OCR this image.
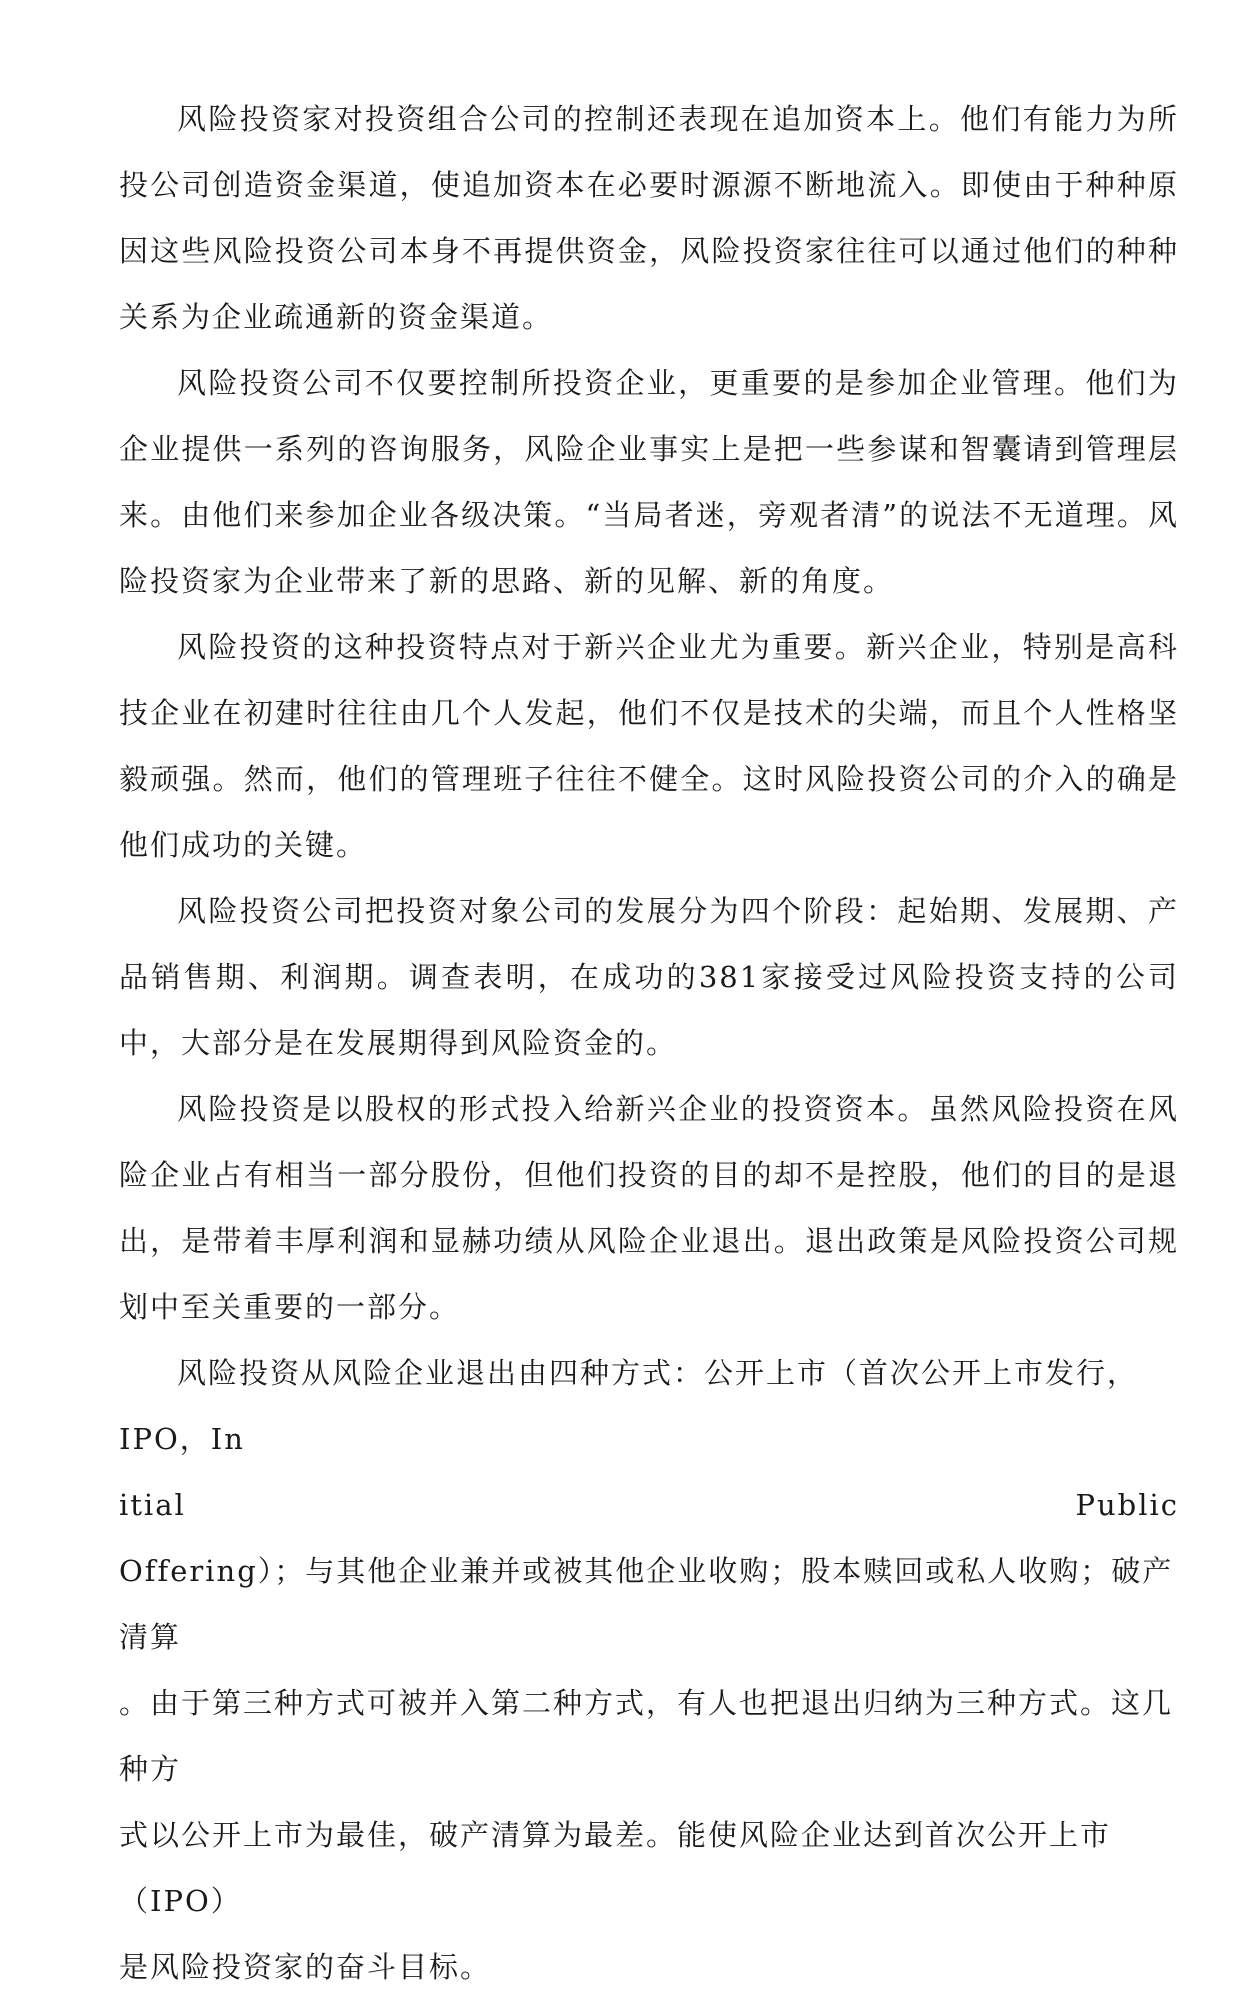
风险投资家对投资组合公司的控制还表现在追加资本上。他们有能力为所投公司创造资金渠道，使追加资本在必要时源源不断地流入。即使由于种种原因这些风险投资公司本身不再提供资金，风险投资家往往可以通过他们的种种关系为企业疏通新的资金渠道。

风险投资公司不仅要控制所投资企业，更重要的是参加企业管理。他们为企业提供一系列的咨询服务，风险企业事实上是把一些参谋和智囊请到管理层来。由他们来参加企业各级决策。“当局者迷，旁观者清”的说法不无道理。风险投资家为企业带来了新的思路、新的见解、新的角度。

风险投资的这种投资特点对于新兴企业尤为重要。新兴企业，特别是高科技企业在初建时往往由几个人发起，他们不仅是技术的尖端，而且个人性格坚毅顽强。然而，他们的管理班子往往不健全。这时风险投资公司的介入的确是他们成功的关键。

风险投资公司把投资对象公司的发展分为四个阶段：起始期、发展期、产品销售期、利润期。调查表明，在成功的381家接受过风险投资支持的公司中，大部分是在发展期得到风险资金的。

风险投资是以股权的形式投入给新兴企业的投资资本。虽然风险投资在风险企业占有相当一部分股份，但他们投资的目的却不是控股，他们的目的是退出，是带着丰厚利润和显赫功绩从风险企业退出。退出政策是风险投资公司规划中至关重要的一部分。

风险投资从风险企业退出由四种方式：公开上市（首次公开上市发行，IPO，In
itial	Public
Offering）；与其他企业兼并或被其他企业收购；股本赎回或私人收购；破产清算
。由于第三种方式可被并入第二种方式，有人也把退出归纳为三种方式。这几种方
式以公开上市为最佳，破产清算为最差。能使风险企业达到首次公开上市（IPO）
是风险投资家的奋斗目标。
